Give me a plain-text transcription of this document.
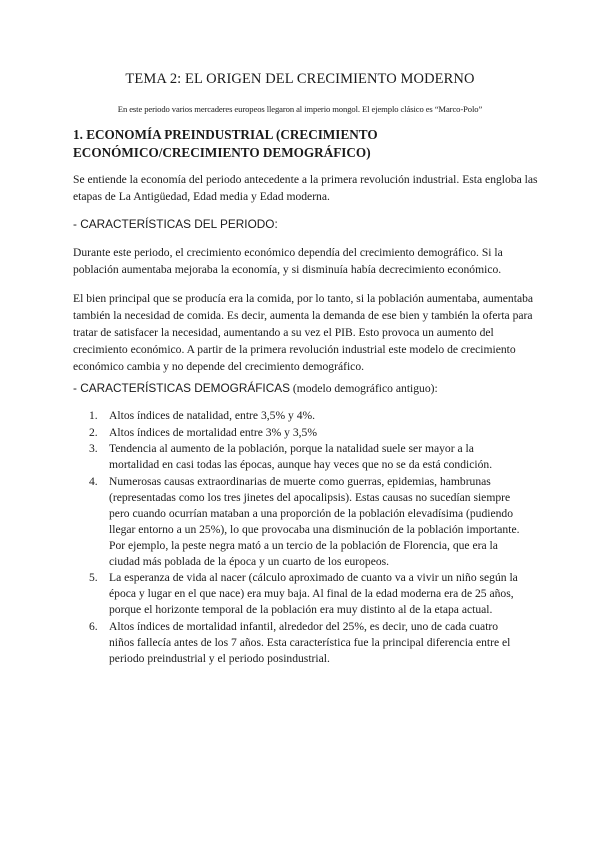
TEMA 2: EL ORIGEN DEL CRECIMIENTO MODERNO
En este periodo varios mercaderes europeos llegaron al imperio mongol. El ejemplo clásico es “Marco-Polo”
1. ECONOMÍA PREINDUSTRIAL (CRECIMIENTO ECONÓMICO/CRECIMIENTO DEMOGRÁFICO)
Se entiende la economía del periodo antecedente a la primera revolución industrial. Esta engloba las etapas de La Antigüedad, Edad media y Edad moderna.
- CARACTERÍSTICAS DEL PERIODO:
Durante este periodo, el crecimiento económico dependía del crecimiento demográfico. Si la población aumentaba mejoraba la economía, y si disminuía había decrecimiento económico.
El bien principal que se producía era la comida, por lo tanto, si la población aumentaba, aumentaba también la necesidad de comida. Es decir, aumenta la demanda de ese bien y también la oferta para tratar de satisfacer la necesidad, aumentando a su vez el PIB. Esto provoca un aumento del crecimiento económico. A partir de la primera revolución industrial este modelo de crecimiento económico cambia y no depende del crecimiento demográfico.
- CARACTERÍSTICAS DEMOGRÁFICAS (modelo demográfico antiguo):
1. Altos índices de natalidad, entre 3,5% y 4%.
2. Altos índices de mortalidad entre 3% y 3,5%
3. Tendencia al aumento de la población, porque la natalidad suele ser mayor a la mortalidad en casi todas las épocas, aunque hay veces que no se da está condición.
4. Numerosas causas extraordinarias de muerte como guerras, epidemias, hambrunas (representadas como los tres jinetes del apocalipsis). Estas causas no sucedían siempre pero cuando ocurrían mataban a una proporción de la población elevadísima (pudiendo llegar entorno a un 25%), lo que provocaba una disminución de la población importante. Por ejemplo, la peste negra mató a un tercio de la población de Florencia, que era la ciudad más poblada de la época y un cuarto de los europeos.
5. La esperanza de vida al nacer (cálculo aproximado de cuanto va a vivir un niño según la época y lugar en el que nace) era muy baja. Al final de la edad moderna era de 25 años, porque el horizonte temporal de la población era muy distinto al de la etapa actual.
6. Altos índices de mortalidad infantil, alrededor del 25%, es decir, uno de cada cuatro niños fallecía antes de los 7 años. Esta característica fue la principal diferencia entre el periodo preindustrial y el periodo posindustrial.
